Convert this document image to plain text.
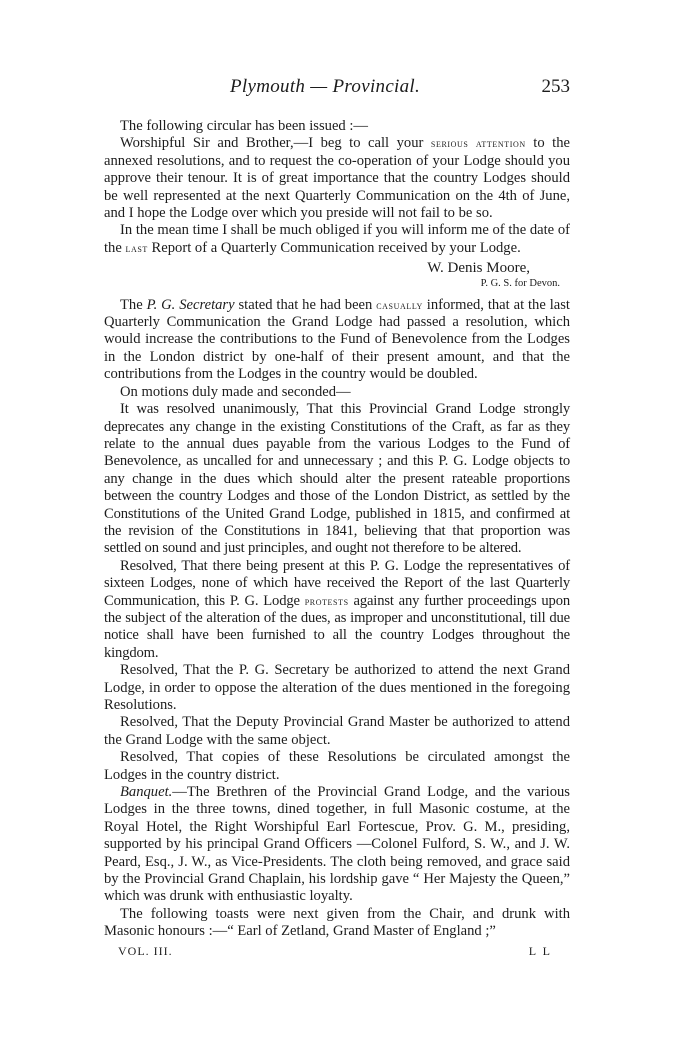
Plymouth — Provincial.	253

The following circular has been issued :—

Worshipful Sir and Brother,—I beg to call your serious attention to the annexed resolutions, and to request the co-operation of your Lodge should you approve their tenour. It is of great importance that the country Lodges should be well represented at the next Quarterly Communication on the 4th of June, and I hope the Lodge over which you preside will not fail to be so.

In the mean time I shall be much obliged if you will inform me of the date of the last Report of a Quarterly Communication received by your Lodge.

W. Denis Moore,
P. G. S. for Devon.

The P. G. Secretary stated that he had been casually informed, that at the last Quarterly Communication the Grand Lodge had passed a resolution, which would increase the contributions to the Fund of Benevolence from the Lodges in the London district by one-half of their present amount, and that the contributions from the Lodges in the country would be doubled.

On motions duly made and seconded—

It was resolved unanimously, That this Provincial Grand Lodge strongly deprecates any change in the existing Constitutions of the Craft, as far as they relate to the annual dues payable from the various Lodges to the Fund of Benevolence, as uncalled for and unnecessary ; and this P. G. Lodge objects to any change in the dues which should alter the present rateable proportions between the country Lodges and those of the London District, as settled by the Constitutions of the United Grand Lodge, published in 1815, and confirmed at the revision of the Constitutions in 1841, believing that that proportion was settled on sound and just principles, and ought not therefore to be altered.

Resolved, That there being present at this P. G. Lodge the representatives of sixteen Lodges, none of which have received the Report of the last Quarterly Communication, this P. G. Lodge protests against any further proceedings upon the subject of the alteration of the dues, as improper and unconstitutional, till due notice shall have been furnished to all the country Lodges throughout the kingdom.

Resolved, That the P. G. Secretary be authorized to attend the next Grand Lodge, in order to oppose the alteration of the dues mentioned in the foregoing Resolutions.

Resolved, That the Deputy Provincial Grand Master be authorized to attend the Grand Lodge with the same object.

Resolved, That copies of these Resolutions be circulated amongst the Lodges in the country district.

Banquet.—The Brethren of the Provincial Grand Lodge, and the various Lodges in the three towns, dined together, in full Masonic costume, at the Royal Hotel, the Right Worshipful Earl Fortescue, Prov. G. M., presiding, supported by his principal Grand Officers —Colonel Fulford, S. W., and J. W. Peard, Esq., J. W., as Vice-Presidents. The cloth being removed, and grace said by the Provincial Grand Chaplain, his lordship gave “ Her Majesty the Queen,” which was drunk with enthusiastic loyalty.

The following toasts were next given from the Chair, and drunk with Masonic honours :—“ Earl of Zetland, Grand Master of England ;”

VOL. III.	L L
